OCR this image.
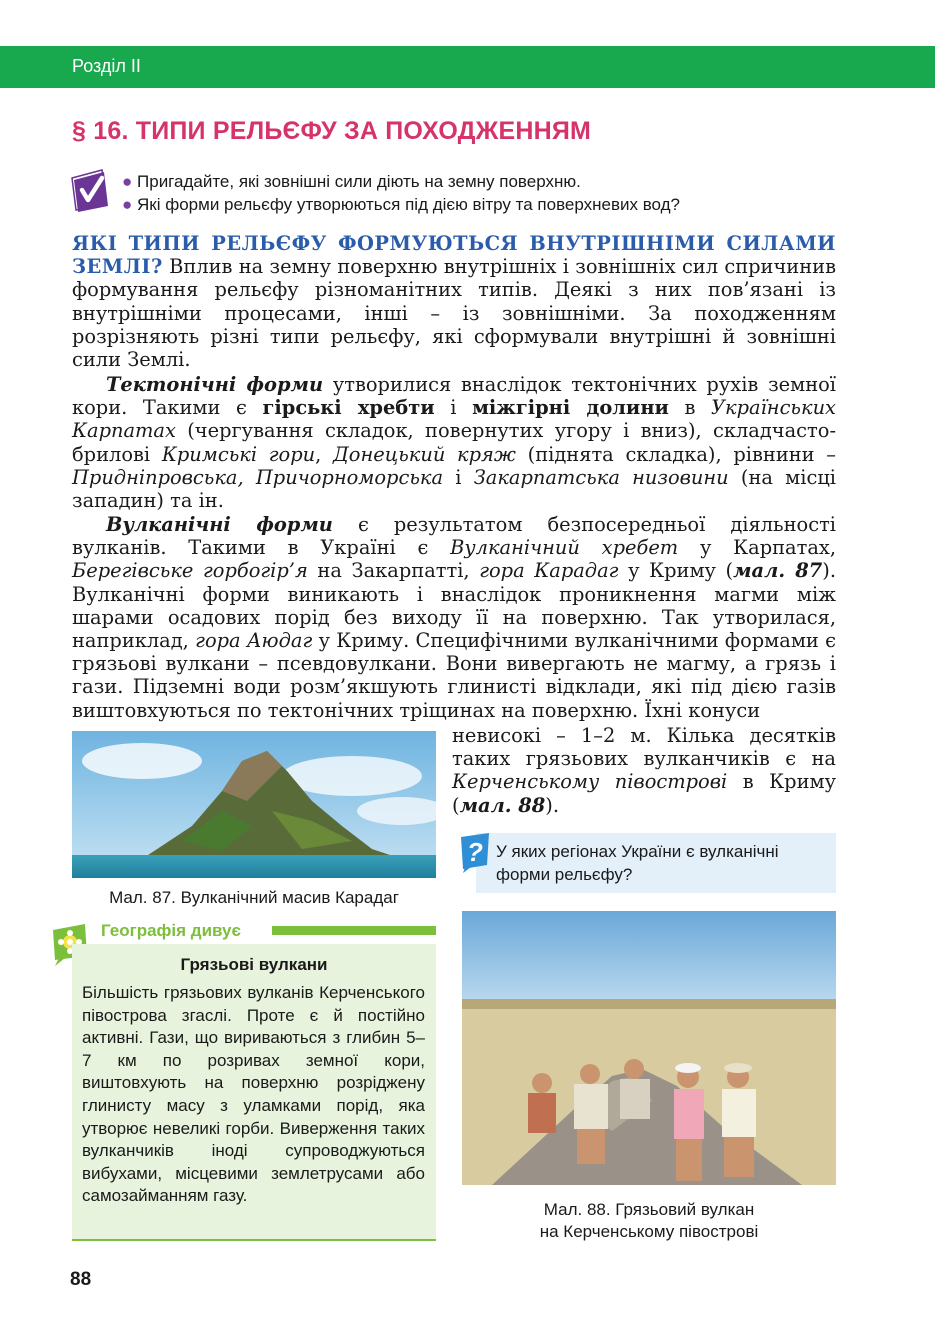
Розділ ІІ
§ 16. ТИПИ РЕЛЬЄФУ ЗА ПОХОДЖЕННЯМ
● Пригадайте, які зовнішні сили діють на земну поверхню.
● Які форми рельєфу утворюються під дією вітру та поверхневих вод?
ЯКІ ТИПИ РЕЛЬЄФУ ФОРМУЮТЬСЯ ВНУТРІШНІМИ СИЛАМИ ЗЕМЛІ? Вплив на земну поверхню внутрішніх і зовнішніх сил спричинив формування рельєфу різноманітних типів. Деякі з них пов’язані із внутрішніми процесами, інші – із зовнішніми. За походженням розрізняють різні типи рельєфу, які сформували внутрішні й зовнішні сили Землі.
Тектонічні форми утворилися внаслідок тектонічних рухів земної кори. Такими є гірські хребти і міжгірні долини в Українських Карпатах (чергування складок, повернутих угору і вниз), складчасто-брилові Кримські гори, Донецький кряж (піднята складка), рівнини – Придніпровська, Причорноморська і Закарпатська низовини (на місці западин) та ін.
Вулканічні форми є результатом безпосередньої діяльності вулканів. Такими в Україні є Вулканічний хребет у Карпатах, Берегівське горбогір’я на Закарпатті, гора Карадаг у Криму (мал. 87). Вулканічні форми виникають і внаслідок проникнення магми між шарами осадових порід без виходу її на поверхню. Так утворилася, наприклад, гора Аюдаг у Криму. Специфічними вулканічними формами є грязьові вулкани – псевдовулкани. Вони вивергають не магму, а грязь і гази. Підземні води розм’якшують глинисті відклади, які під дією газів виштовхуються по тектонічних тріщинах на поверхню. Їхні конуси
невисокі – 1–2 м. Кілька десятків таких грязьових вулканчиків є на Керченському півострові в Криму (мал. 88).
Мал. 87. Вулканічний масив Карадаг
? У яких регіонах України є вулканічні форми рельєфу?
Географія дивує
Грязьові вулкани
Більшість грязьових вулканів Керченського півострова згаслі. Проте є й постійно активні. Гази, що вириваються з глибин 5–7 км по розривах земної кори, виштовхують на поверхню розріджену глинисту масу з уламками порід, яка утворює невеликі горби. Виверження таких вулканчиків іноді супроводжуються вибухами, місцевими землетрусами або самозайманням газу.
Мал. 88. Грязьовий вулкан
на Керченському півострові
88
